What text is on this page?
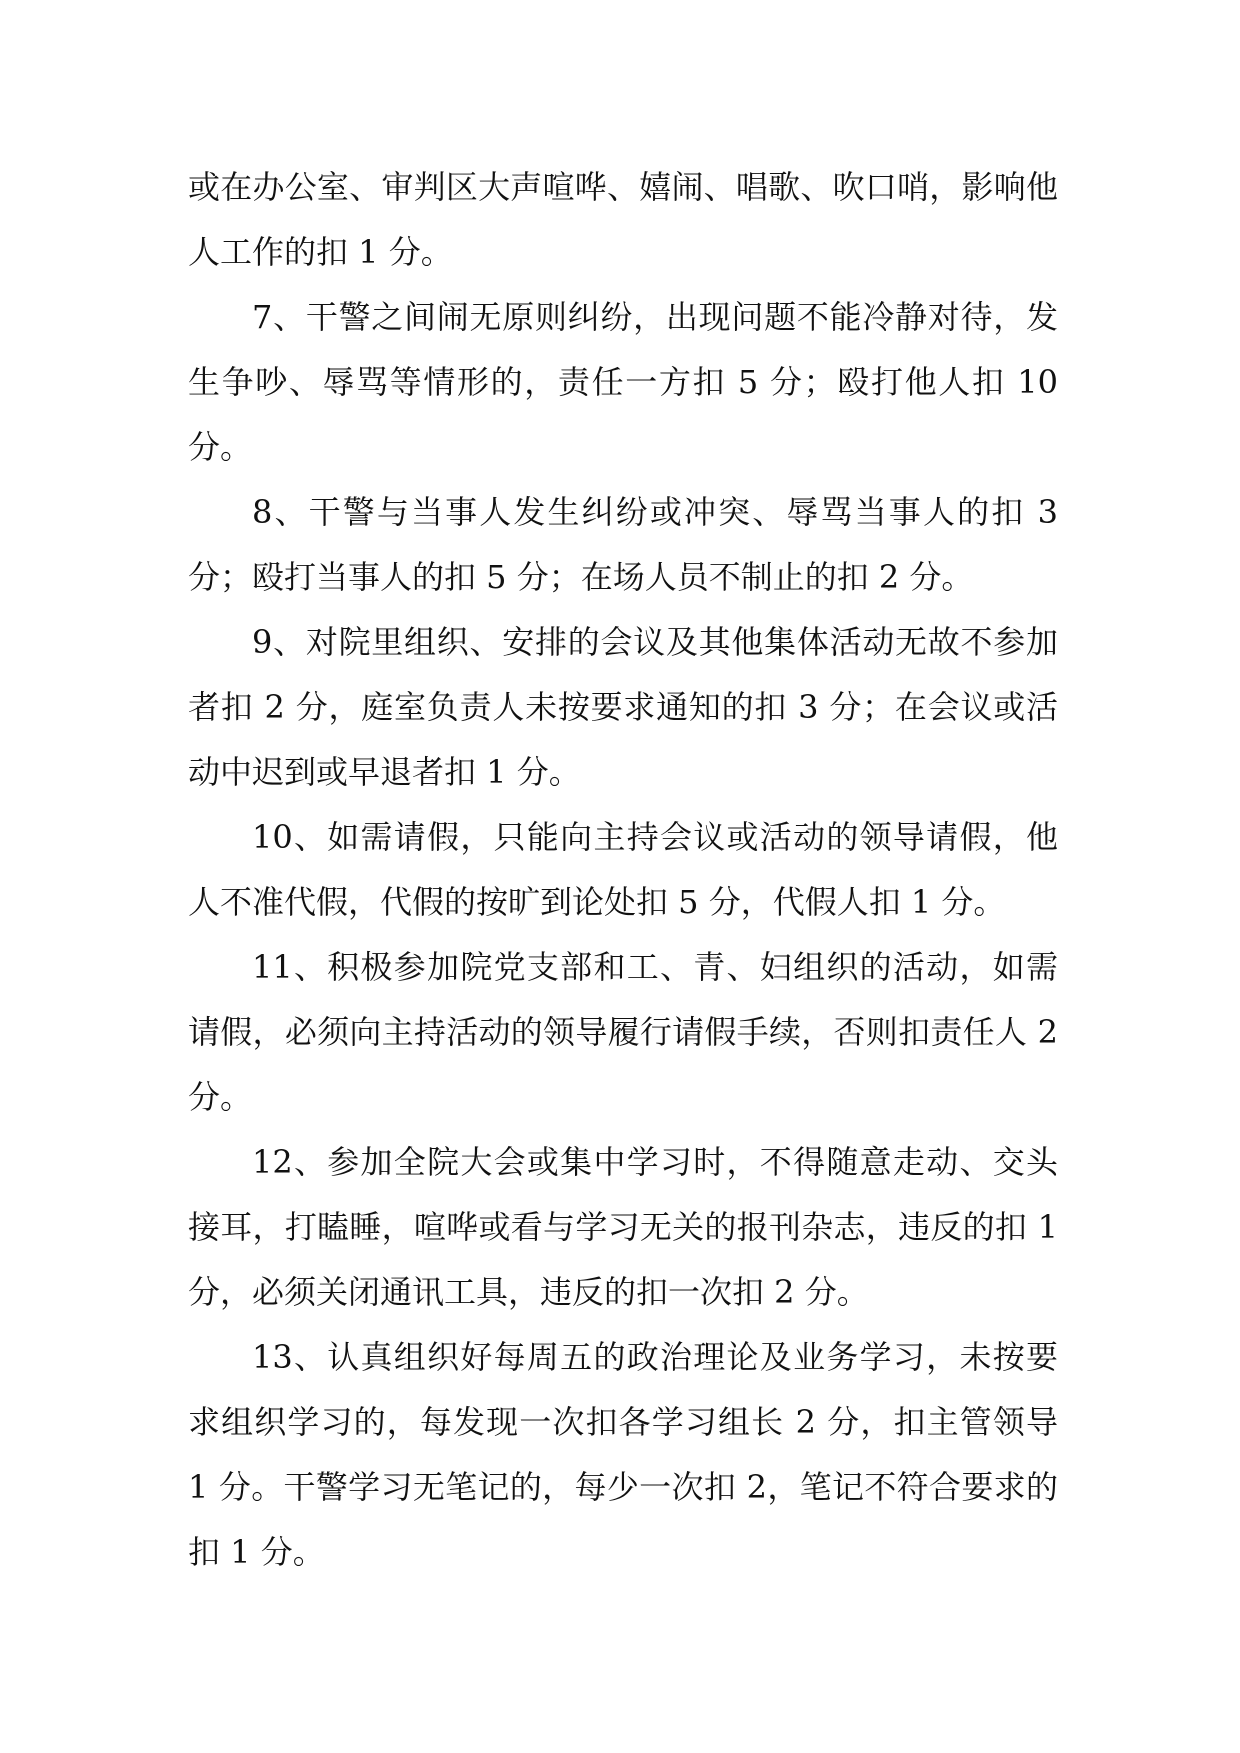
或在办公室、审判区大声喧哗、嬉闹、唱歌、吹口哨，影响他人工作的扣 1 分。

7、干警之间闹无原则纠纷，出现问题不能冷静对待，发生争吵、辱骂等情形的，责任一方扣 5 分；殴打他人扣 10 分。

8、干警与当事人发生纠纷或冲突、辱骂当事人的扣 3 分；殴打当事人的扣 5 分；在场人员不制止的扣 2 分。

9、对院里组织、安排的会议及其他集体活动无故不参加者扣 2 分，庭室负责人未按要求通知的扣 3 分；在会议或活动中迟到或早退者扣 1 分。

10、如需请假，只能向主持会议或活动的领导请假，他人不准代假，代假的按旷到论处扣 5 分，代假人扣 1 分。

11、积极参加院党支部和工、青、妇组织的活动，如需请假，必须向主持活动的领导履行请假手续，否则扣责任人 2 分。

12、参加全院大会或集中学习时，不得随意走动、交头接耳，打瞌睡，喧哗或看与学习无关的报刊杂志，违反的扣 1 分，必须关闭通讯工具，违反的扣一次扣 2 分。

13、认真组织好每周五的政治理论及业务学习，未按要求组织学习的，每发现一次扣各学习组长 2 分，扣主管领导 1 分。干警学习无笔记的，每少一次扣 2，笔记不符合要求的扣 1 分。
